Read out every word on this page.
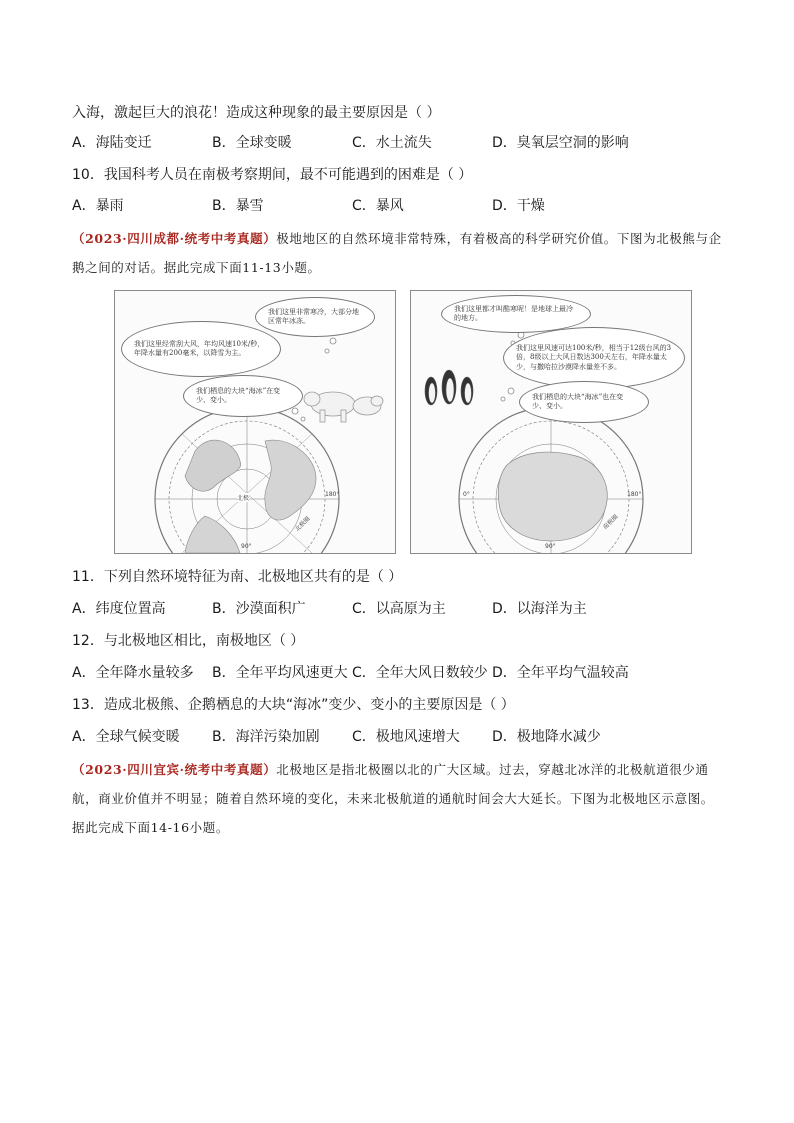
入海，激起巨大的浪花！造成这种现象的最主要原因是（ ）
A．海陆变迁	B．全球变暖	C．水土流失	D．臭氧层空洞的影响
10．我国科考人员在南极考察期间，最不可能遇到的困难是（ ）
A．暴雨	B．暴雪	C．暴风	D．干燥
（2023·四川成都·统考中考真题）极地地区的自然环境非常特殊，有着极高的科学研究价值。下图为北极熊与企鹅之间的对话。据此完成下面11-13小题。
我们这里非常寒冷，大部分地区常年冰冻。
我们这里经常刮大风，年均风速10米/秒，年降水量有200毫米，以降雪为主。
我们栖息的大块“海冰”在变少、变小。
北极
180°
90°
北极圈
我们这里都才叫酷寒呢！是地球上最冷的地方。
我们这里风速可达100米/秒，相当于12级台风的3倍，8级以上大风日数达300天左右，年降水量太少，与撒哈拉沙漠降水量差不多。
我们栖息的大块“海冰”也在变少、变小。
0°	180°
90°
南极圈
11．下列自然环境特征为南、北极地区共有的是（ ）
A．纬度位置高	B．沙漠面积广	C．以高原为主	D．以海洋为主
12．与北极地区相比，南极地区（ ）
A．全年降水量较多 B．全年平均风速更大 C．全年大风日数较少 D．全年平均气温较高
13．造成北极熊、企鹅栖息的大块“海冰”变少、变小的主要原因是（ ）
A．全球气候变暖 B．海洋污染加剧 C．极地风速增大 D．极地降水减少
（2023·四川宜宾·统考中考真题）北极地区是指北极圈以北的广大区域。过去，穿越北冰洋的北极航道很少通航，商业价值并不明显；随着自然环境的变化，未来北极航道的通航时间会大大延长。下图为北极地区示意图。据此完成下面14-16小题。
